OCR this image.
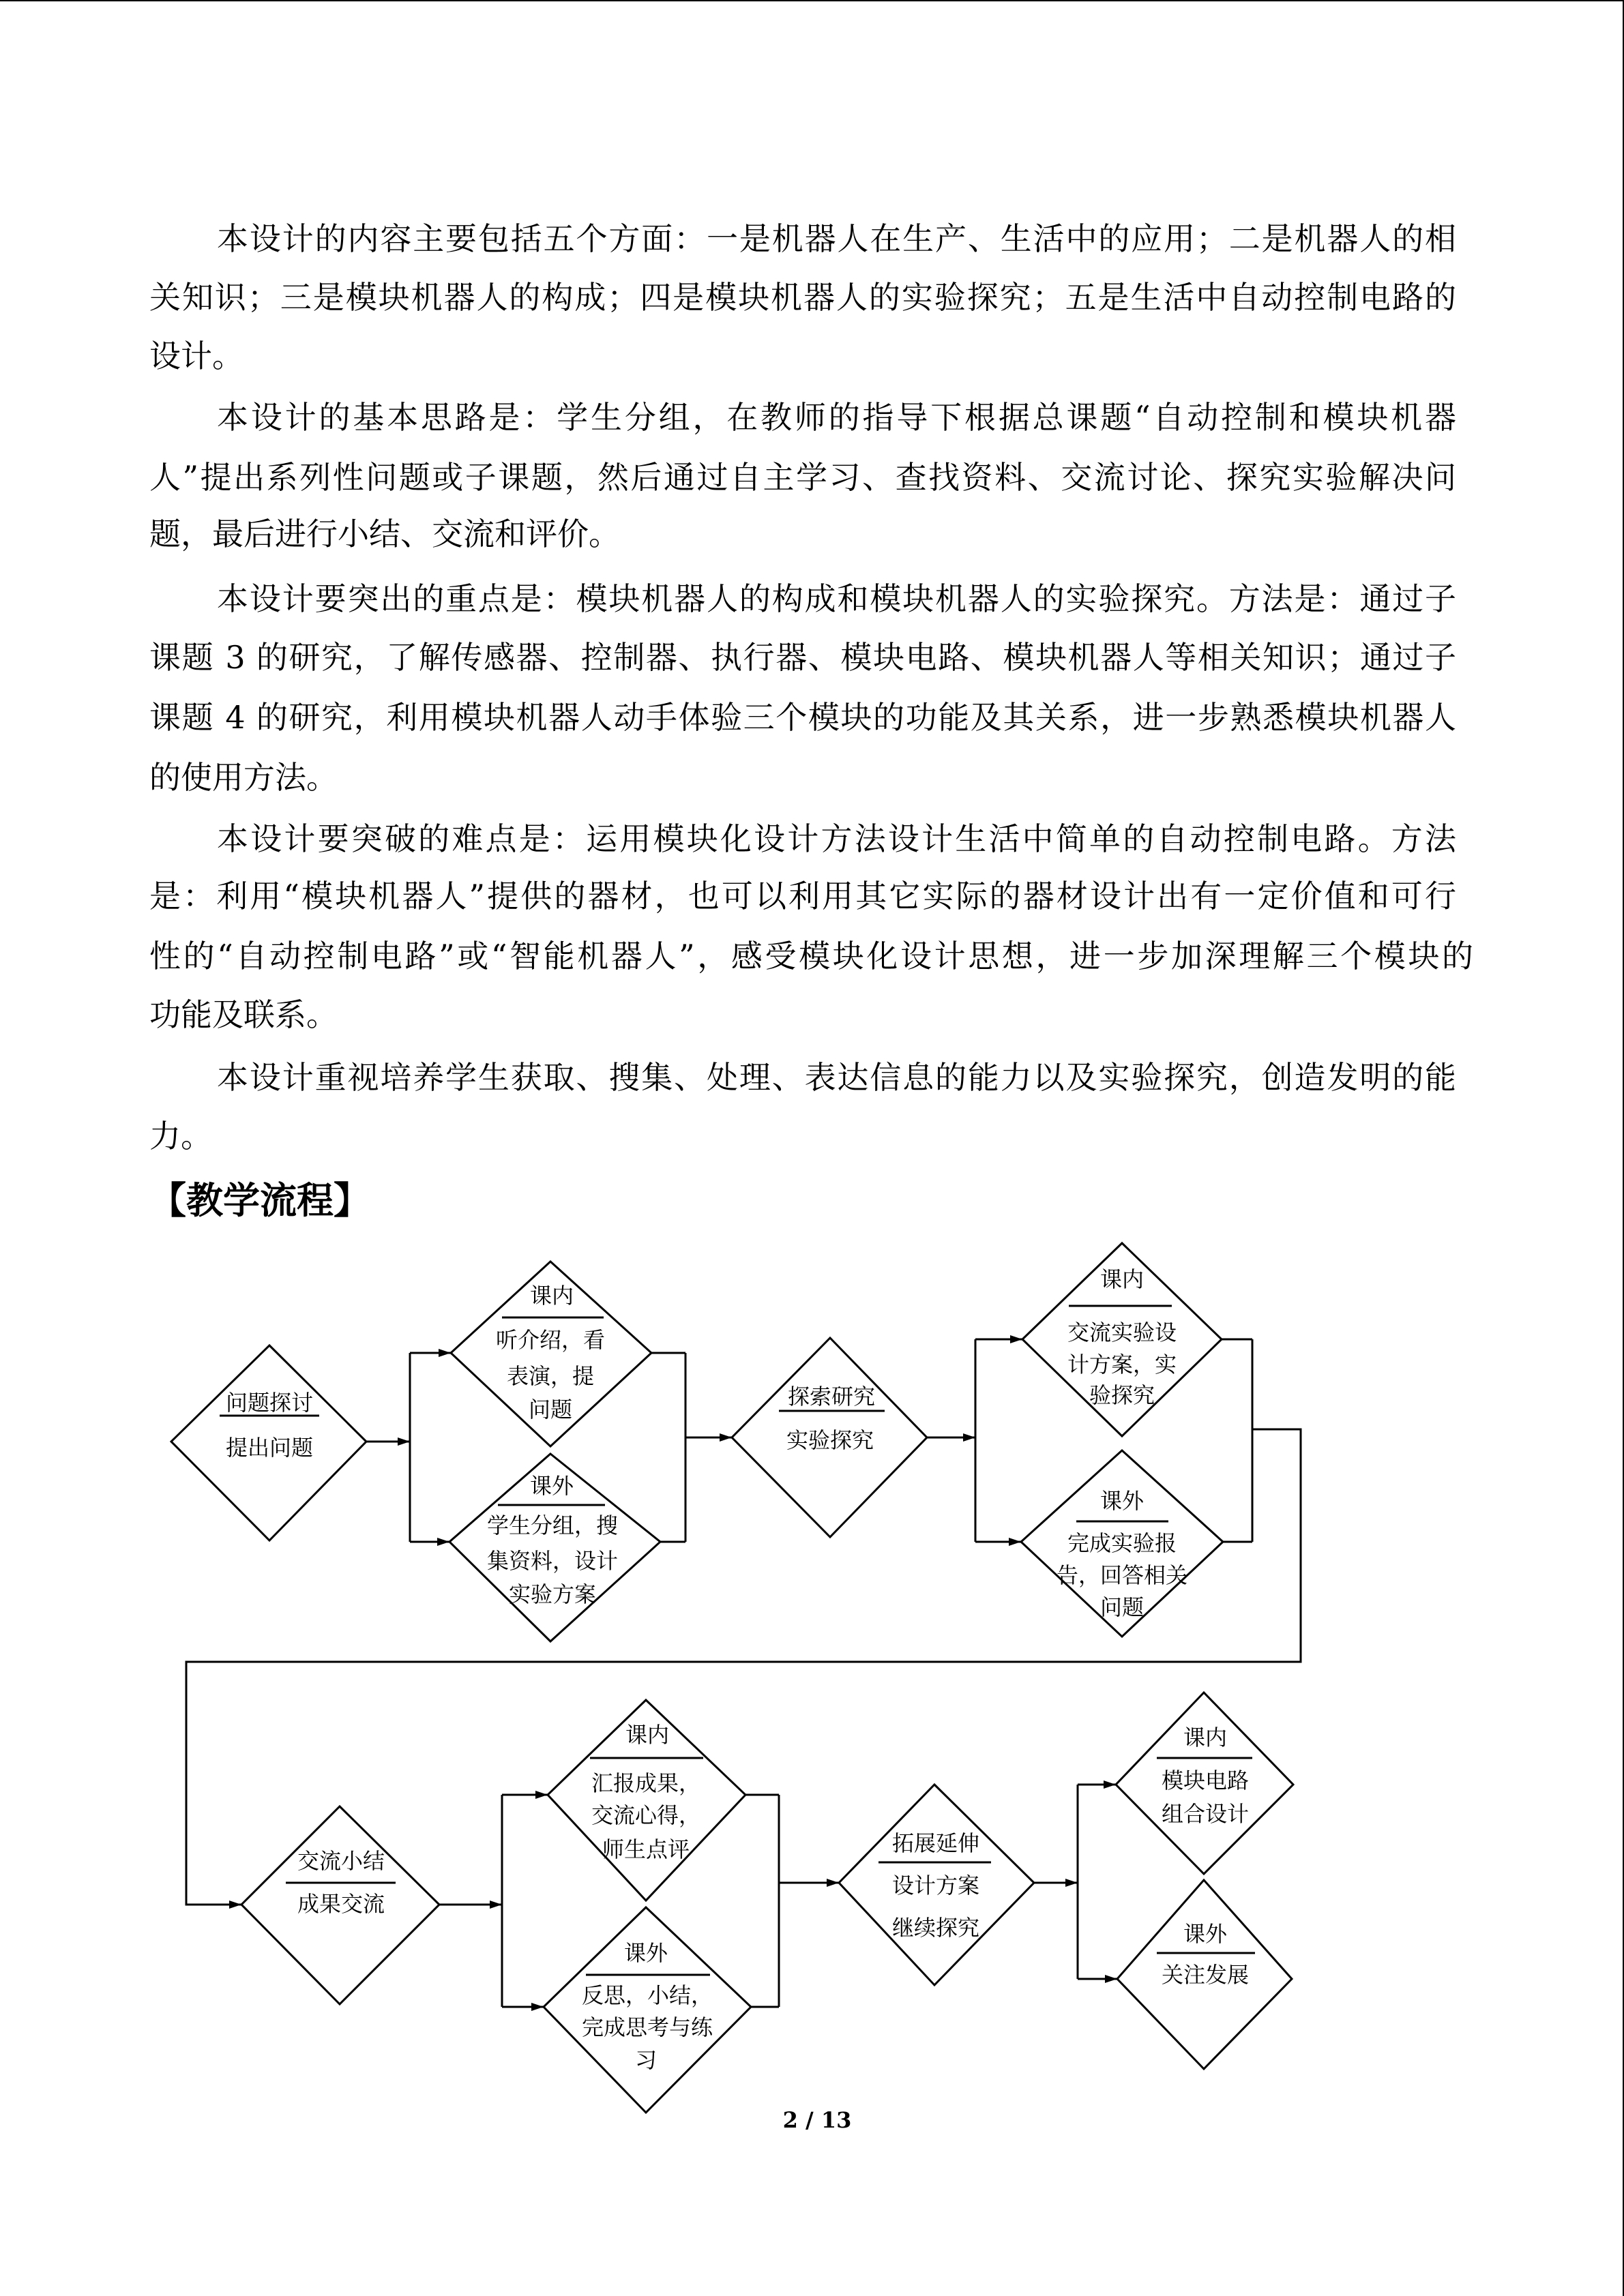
本设计的内容主要包括五个方面：一是机器人在生产、生活中的应用；二是机器人的相
关知识；三是模块机器人的构成；四是模块机器人的实验探究；五是生活中自动控制电路的
设计。
本设计的基本思路是：学生分组，在教师的指导下根据总课题“自动控制和模块机器
人”提出系列性问题或子课题，然后通过自主学习、查找资料、交流讨论、探究实验解决问
题，最后进行小结、交流和评价。
本设计要突出的重点是：模块机器人的构成和模块机器人的实验探究。方法是：通过子
课题 3 的研究，了解传感器、控制器、执行器、模块电路、模块机器人等相关知识；通过子
课题 4 的研究，利用模块机器人动手体验三个模块的功能及其关系，进一步熟悉模块机器人
的使用方法。
本设计要突破的难点是：运用模块化设计方法设计生活中简单的自动控制电路。方法
是：利用“模块机器人”提供的器材，也可以利用其它实际的器材设计出有一定价值和可行
性的“自动控制电路”或“智能机器人”，感受模块化设计思想，进一步加深理解三个模块的
功能及联系。
本设计重视培养学生获取、搜集、处理、表达信息的能力以及实验探究，创造发明的能
力。
【教学流程】
问题探讨
提出问题
课内
听介绍，看
表演，提
问题
课外
学生分组，搜
集资料，设计
实验方案
探索研究
实验探究
课内
交流实验设
计方案，实
验探究
课外
完成实验报
告，回答相关
问题
交流小结
成果交流
课内
汇报成果，
交流心得，
师生点评
课外
反思，小结，
完成思考与练
习
拓展延伸
设计方案
继续探究
课内
模块电路
组合设计
课外
关注发展
2 / 13
